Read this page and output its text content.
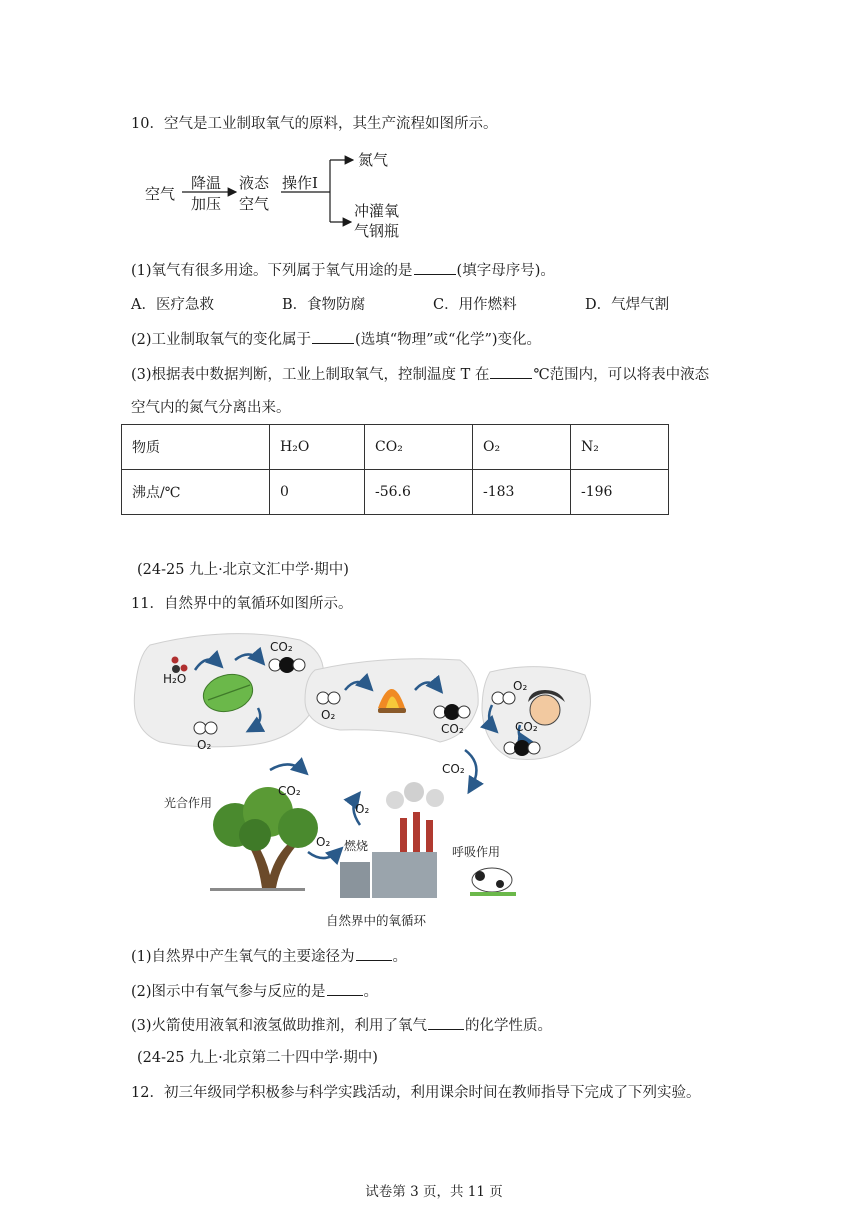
10．空气是工业制取氧气的原料，其生产流程如图所示。
空气
降温
加压
液态
空气
操作Ⅰ
氮气
冲灌氧
气钢瓶
(1)氧气有很多用途。下列属于氧气用途的是	(填字母序号)。
A．医疗急救	B．食物防腐	C．用作燃料	D．气焊气割
(2)工业制取氧气的变化属于	(选填“物理”或“化学”)变化。
(3)根据表中数据判断，工业上制取氧气，控制温度 T 在	℃范围内，可以将表中液态
空气内的氮气分离出来。
物质	H₂O	CO₂	O₂	N₂
沸点/℃	0	-56.6	-183	-196
(24-25 九上·北京文汇中学·期中)
11．自然界中的氧循环如图所示。
H₂O
CO₂
O₂
O₂
CO₂
O₂
CO₂
CO₂
CO₂
O₂
O₂
光合作用
燃烧	呼吸作用
自然界中的氧循环
(1)自然界中产生氧气的主要途径为	。
(2)图示中有氧气参与反应的是	。
(3)火箭使用液氧和液氢做助推剂，利用了氧气	的化学性质。
(24-25 九上·北京第二十四中学·期中)
12．初三年级同学积极参与科学实践活动，利用课余时间在教师指导下完成了下列实验。
试卷第 3 页，共 11 页
